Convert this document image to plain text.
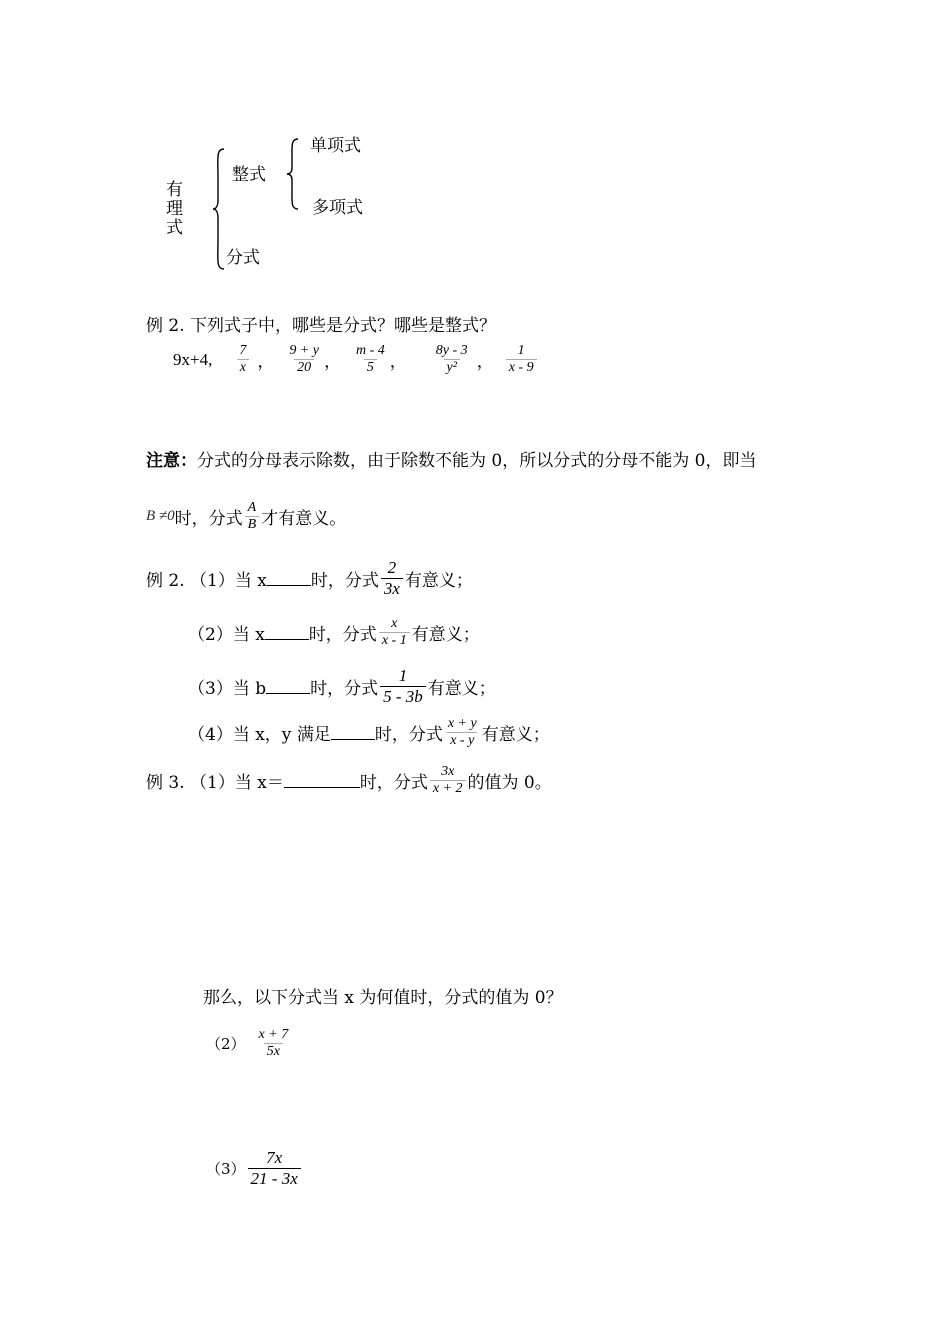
有理式
整式
分式
单项式
多项式
例 2. 下列式子中，哪些是分式？哪些是整式？
9x+4, $\frac{7}{x}$ ， $\frac{9 + y}{20}$ ， $\frac{m - 4}{5}$ ， $\frac{8y - 3}{\text{y²}}$ ， $\frac{1}{x - 9}$
注意：分式的分母表示除数，由于除数不能为 0，所以分式的分母不能为 0，即当
B ≠0 时，分式 $\frac{A}{B}$ 才有意义。
例 2. （1）当 x	时，分式 $\frac{2}{3x}$ 有意义；
（2）当 x	时，分式 $\frac{x}{x - 1}$ 有意义；
（3）当 b	时，分式 $\frac{1}{5 - 3b}$ 有意义；
（4）当 x，y 满足	时，分式 $\frac{x + y}{x - y}$ 有意义；
例 3. （1）当 x＝	时，分式 $\frac{3x}{x + 2}$ 的值为 0。
那么，以下分式当 x 为何值时，分式的值为 0？
$(2) \frac{x + 7}{5x}$
$(3) \frac{7x}{21 - 3x}$
